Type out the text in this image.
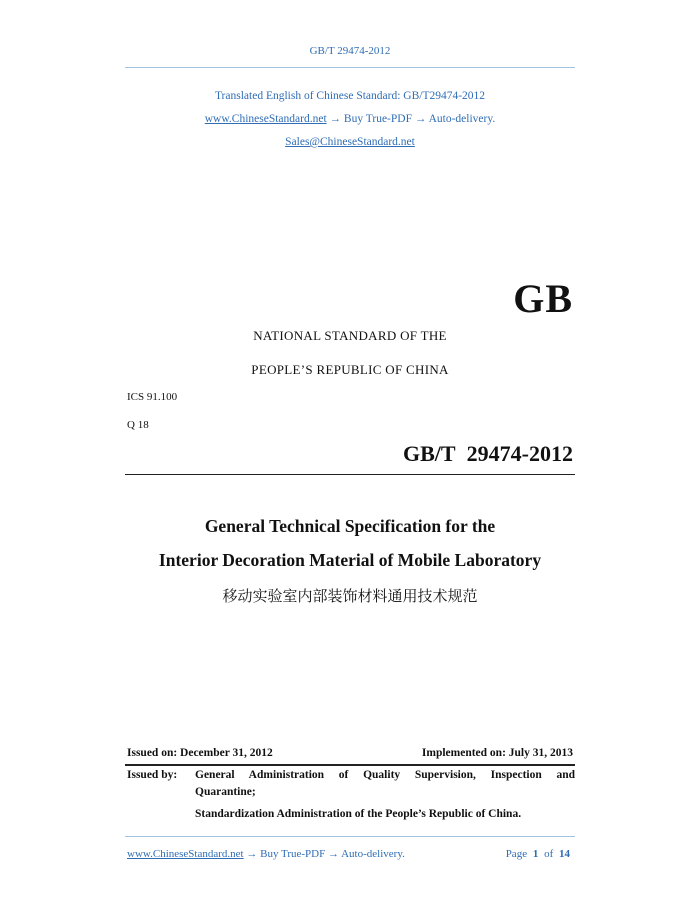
GB/T 29474-2012
Translated English of Chinese Standard: GB/T29474-2012
www.ChineseStandard.net → Buy True-PDF → Auto-delivery.
Sales@ChineseStandard.net
GB
NATIONAL STANDARD OF THE
PEOPLE’S REPUBLIC OF CHINA
ICS 91.100
Q 18
GB/T 29474-2012
General Technical Specification for the
Interior Decoration Material of Mobile Laboratory
移动实验室内部装饰材料通用技术规范
Issued on: December 31, 2012	Implemented on: July 31, 2013
Issued by: General Administration of Quality Supervision, Inspection and
Quarantine;
Standardization Administration of the People’s Republic of China.
www.ChineseStandard.net → Buy True-PDF → Auto-delivery.	Page 1 of 14
